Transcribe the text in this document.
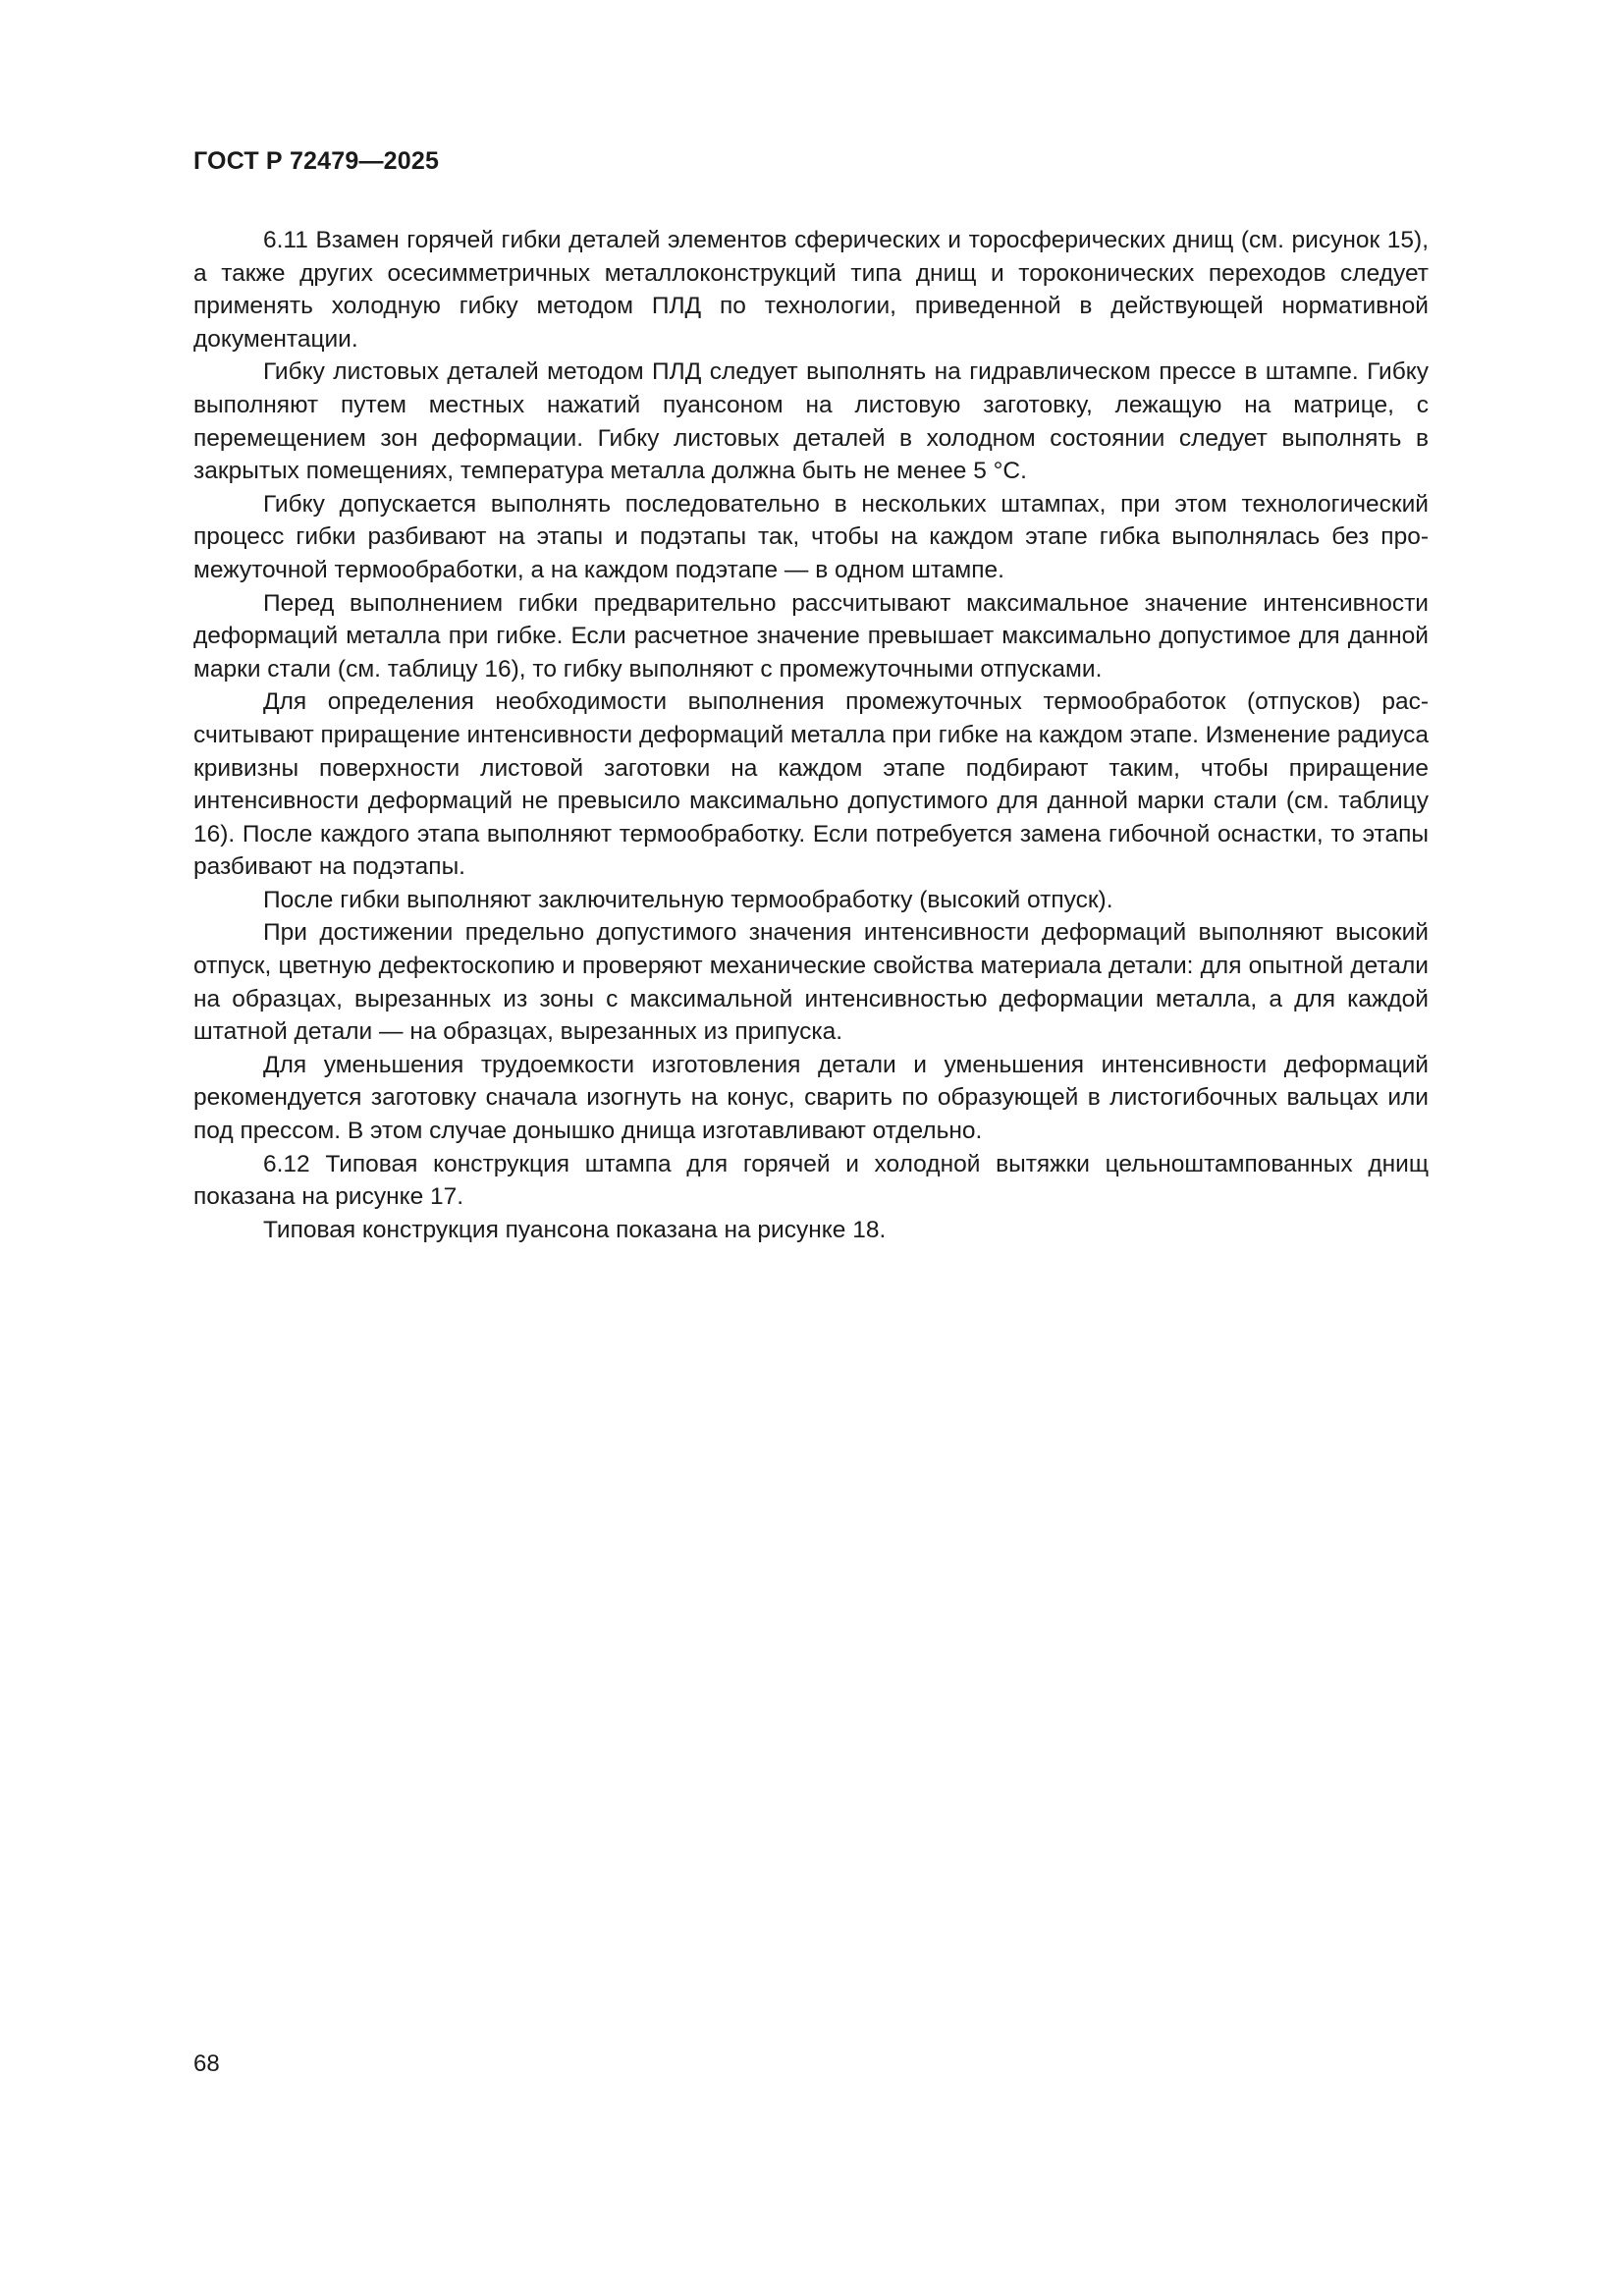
ГОСТ Р 72479—2025

6.11 Взамен горячей гибки деталей элементов сферических и торосферических днищ (см. рисунок 15), а также других осесимметричных металлоконструкций типа днищ и тороконических переходов следует применять холодную гибку методом ПЛД по технологии, приведенной в действующей нормативной документации.

Гибку листовых деталей методом ПЛД следует выполнять на гидравлическом прессе в штампе. Гибку выполняют путем местных нажатий пуансоном на листовую заготовку, лежащую на матрице, с перемещением зон деформации. Гибку листовых деталей в холодном состоянии следует выполнять в закрытых помещениях, температура металла должна быть не менее 5 °С.

Гибку допускается выполнять последовательно в нескольких штампах, при этом технологический процесс гибки разбивают на этапы и подэтапы так, чтобы на каждом этапе гибка выполнялась без промежуточной термообработки, а на каждом подэтапе — в одном штампе.

Перед выполнением гибки предварительно рассчитывают максимальное значение интенсивности деформаций металла при гибке. Если расчетное значение превышает максимально допустимое для данной марки стали (см. таблицу 16), то гибку выполняют с промежуточными отпусками.

Для определения необходимости выполнения промежуточных термообработок (отпусков) рассчитывают приращение интенсивности деформаций металла при гибке на каждом этапе. Изменение радиуса кривизны поверхности листовой заготовки на каждом этапе подбирают таким, чтобы приращение интенсивности деформаций не превысило максимально допустимого для данной марки стали (см. таблицу 16). После каждого этапа выполняют термообработку. Если потребуется замена гибочной оснастки, то этапы разбивают на подэтапы.

После гибки выполняют заключительную термообработку (высокий отпуск).

При достижении предельно допустимого значения интенсивности деформаций выполняют высокий отпуск, цветную дефектоскопию и проверяют механические свойства материала детали: для опытной детали на образцах, вырезанных из зоны с максимальной интенсивностью деформации металла, а для каждой штатной детали — на образцах, вырезанных из припуска.

Для уменьшения трудоемкости изготовления детали и уменьшения интенсивности деформаций рекомендуется заготовку сначала изогнуть на конус, сварить по образующей в листогибочных вальцах или под прессом. В этом случае донышко днища изготавливают отдельно.

6.12 Типовая конструкция штампа для горячей и холодной вытяжки цельноштампованных днищ показана на рисунке 17.

Типовая конструкция пуансона показана на рисунке 18.

68
